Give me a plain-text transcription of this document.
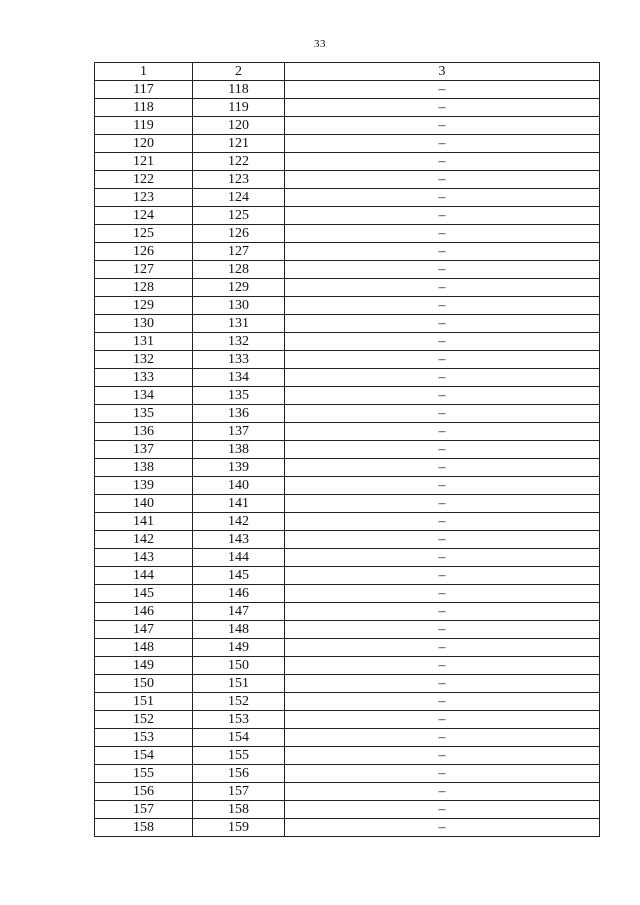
33
1	2	3
117	118	–
118	119	–
119	120	–
120	121	–
121	122	–
122	123	–
123	124	–
124	125	–
125	126	–
126	127	–
127	128	–
128	129	–
129	130	–
130	131	–
131	132	–
132	133	–
133	134	–
134	135	–
135	136	–
136	137	–
137	138	–
138	139	–
139	140	–
140	141	–
141	142	–
142	143	–
143	144	–
144	145	–
145	146	–
146	147	–
147	148	–
148	149	–
149	150	–
150	151	–
151	152	–
152	153	–
153	154	–
154	155	–
155	156	–
156	157	–
157	158	–
158	159	–
